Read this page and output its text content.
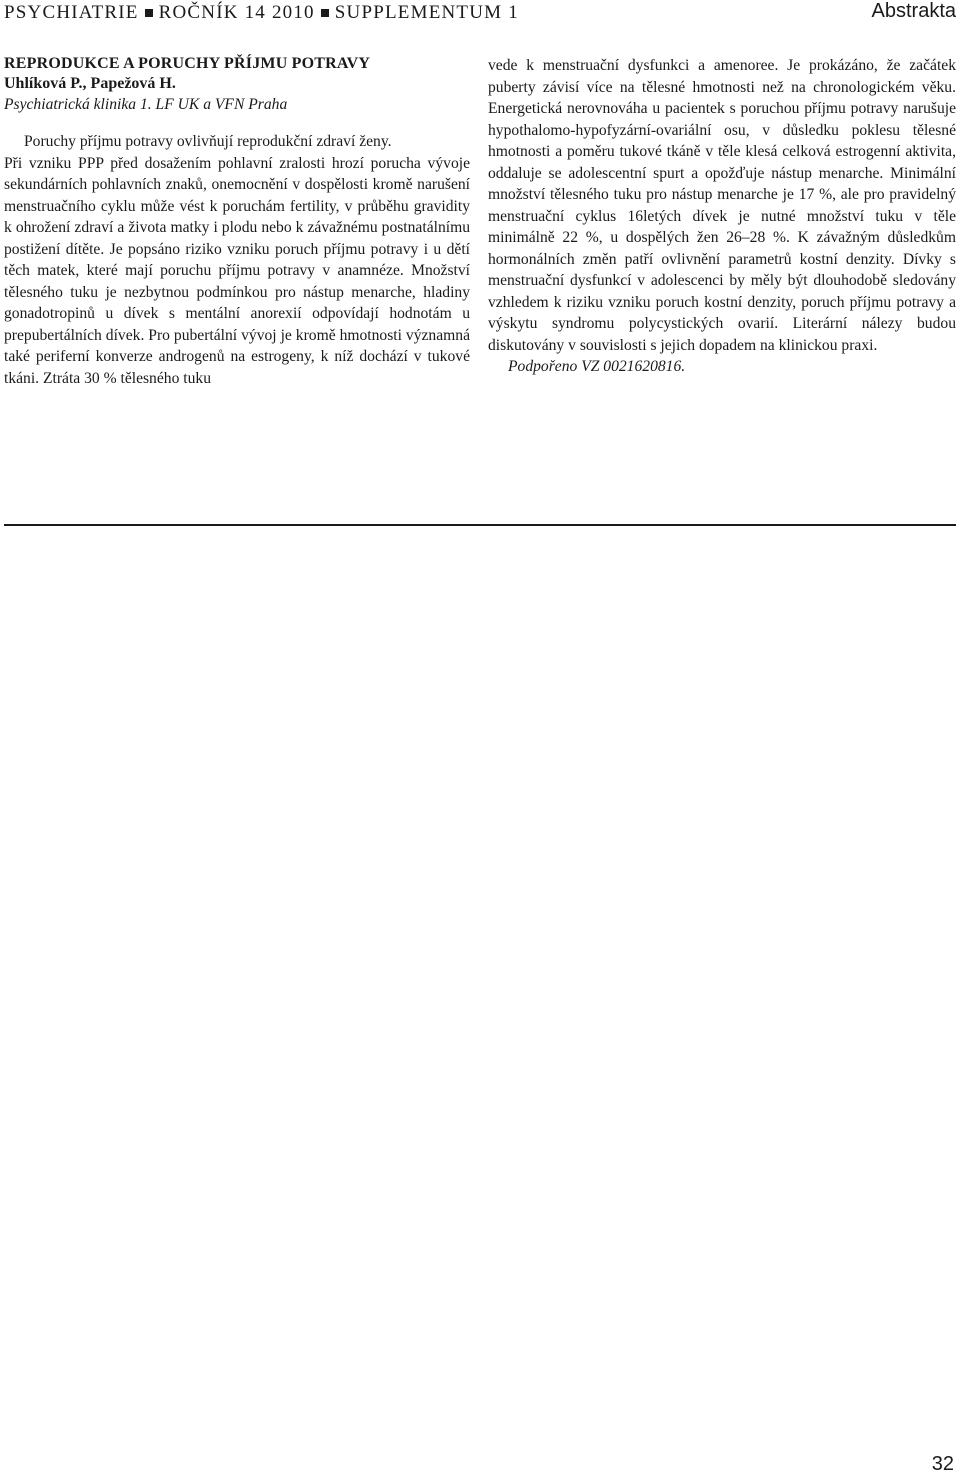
PSYCHIATRIE ROČNÍK 14 2010 SUPPLEMENTUM 1	Abstrakta
REPRODUKCE A PORUCHY PŘÍJMU POTRAVY
Uhlíková P., Papežová H.
Psychiatrická klinika 1. LF UK a VFN Praha

Poruchy příjmu potravy ovlivňují reprodukční zdraví ženy.

Při vzniku PPP před dosažením pohlavní zralosti hrozí porucha vývoje sekundárních pohlavních znaků, onemocnění v dospělosti kromě narušení menstruačního cyklu může vést k poruchám fertility, v průběhu gravidity k ohrožení zdraví a života matky i plodu nebo k závažnému postnatálnímu postižení dítěte. Je popsáno riziko vzniku poruch příjmu potravy i u dětí těch matek, které mají poruchu příjmu potravy v anamnéze. Množství tělesného tuku je nezbytnou podmínkou pro nástup menarche, hladiny gonadotropinů u dívek s mentální anorexií odpovídají hodnotám u prepubertálních dívek. Pro pubertální vývoj je kromě hmotnosti významná také periferní konverze androgenů na estrogeny, k níž dochází v tukové tkáni. Ztráta 30 % tělesného tuku

vede k menstruační dysfunkci a amenoree. Je prokázáno, že začátek puberty závisí více na tělesné hmotnosti než na chronologickém věku. Energetická nerovnováha u pacientek s poruchou příjmu potravy narušuje hypothalomo-hypofyzární-ovariální osu, v důsledku poklesu tělesné hmotnosti a poměru tukové tkáně v těle klesá celková estrogenní aktivita, oddaluje se adolescentní spurt a opožďuje nástup menarche. Minimální množství tělesného tuku pro nástup menarche je 17 %, ale pro pravidelný menstruační cyklus 16letých dívek je nutné množství tuku v těle minimálně 22 %, u dospělých žen 26–28 %. K závažným důsledkům hormonálních změn patří ovlivnění parametrů kostní denzity. Dívky s menstruační dysfunkcí v adolescenci by měly být dlouhodobě sledovány vzhledem k riziku vzniku poruch kostní denzity, poruch příjmu potravy a výskytu syndromu polycystických ovarií. Literární nálezy budou diskutovány v souvislosti s jejich dopadem na klinickou praxi.

Podpořeno VZ 0021620816.

32
